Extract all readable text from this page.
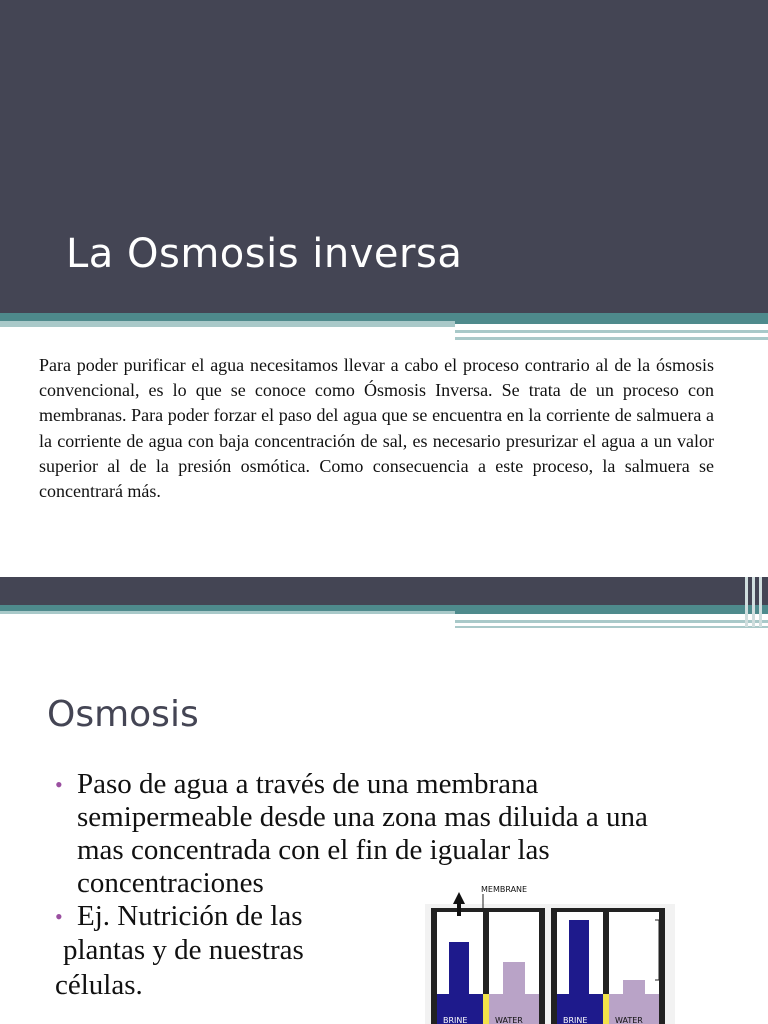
La Osmosis inversa

Para poder purificar el agua necesitamos llevar a cabo el proceso contrario al de la ósmosis convencional, es lo que se conoce como Ósmosis Inversa. Se trata de un proceso con membranas. Para poder forzar el paso del agua que se encuentra en la corriente de salmuera a la corriente de agua con baja concentración de sal, es necesario presurizar el agua a un valor superior al de la presión osmótica. Como consecuencia a este proceso, la salmuera se concentrará más.

Osmosis
• Paso de agua a través de una membrana semipermeable desde una zona mas diluida a una mas concentrada con el fin de igualar las concentraciones
• Ej. Nutrición de las

plantas y de nuestras

células.

MEMBRANE
BRINE	WATER	BRINE	WATER
